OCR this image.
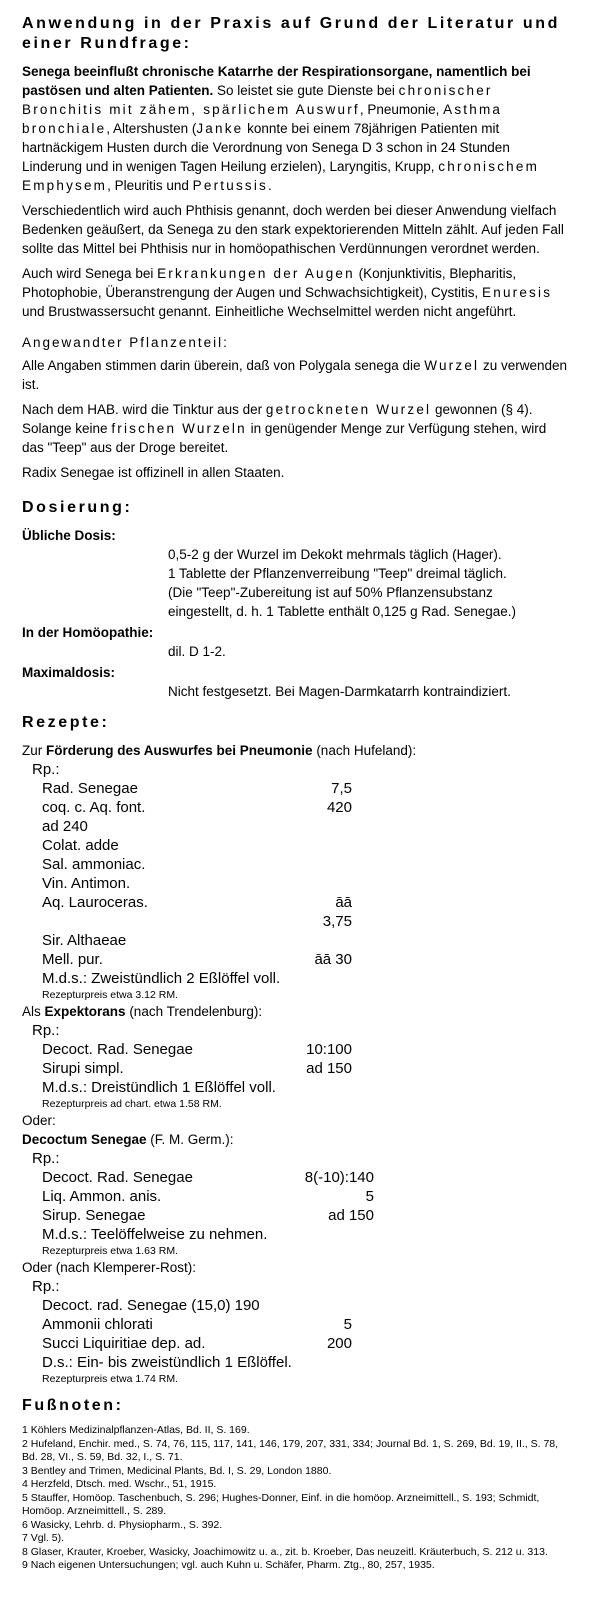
Anwendung in der Praxis auf Grund der Literatur und einer Rundfrage:

Senega beeinflußt chronische Katarrhe der Respirationsorgane, namentlich bei pastösen und alten Patienten. So leistet sie gute Dienste bei chronischer Bronchitis mit zähem, spärlichem Auswurf, Pneumonie, Asthma bronchiale, Altershusten (Janke konnte bei einem 78jährigen Patienten mit hartnäckigem Husten durch die Verordnung von Senega D 3 schon in 24 Stunden Linderung und in wenigen Tagen Heilung erzielen), Laryngitis, Krupp, chronischem Emphysem, Pleuritis und Pertussis.

Verschiedentlich wird auch Phthisis genannt, doch werden bei dieser Anwendung vielfach Bedenken geäußert, da Senega zu den stark expektorierenden Mitteln zählt. Auf jeden Fall sollte das Mittel bei Phthisis nur in homöopathischen Verdünnungen verordnet werden.

Auch wird Senega bei Erkrankungen der Augen (Konjunktivitis, Blepharitis, Photophobie, Überanstrengung der Augen und Schwachsichtigkeit), Cystitis, Enuresis und Brustwassersucht genannt. Einheitliche Wechselmittel werden nicht angeführt.

Angewandter Pflanzenteil:

Alle Angaben stimmen darin überein, daß von Polygala senega die Wurzel zu verwenden ist.

Nach dem HAB. wird die Tinktur aus der getrockneten Wurzel gewonnen (§ 4). Solange keine frischen Wurzeln in genügender Menge zur Verfügung stehen, wird das "Teep" aus der Droge bereitet.

Radix Senegae ist offizinell in allen Staaten.

Dosierung:
Übliche Dosis:
0,5-2 g der Wurzel im Dekokt mehrmals täglich (Hager).
1 Tablette der Pflanzenverreibung "Teep" dreimal täglich.
(Die "Teep"-Zubereitung ist auf 50% Pflanzensubstanz
eingestellt, d. h. 1 Tablette enthält 0,125 g Rad. Senegae.)
In der Homöopathie:
dil. D 1-2.
Maximaldosis:
Nicht festgesetzt. Bei Magen-Darmkatarrh kontraindiziert.
Rezepte:
Zur Förderung des Auswurfes bei Pneumonie (nach Hufeland):
Rp.:
Rad. Senegae	7,5
coq. c. Aq. font.	420
ad 240
Colat. adde
Sal. ammoniac.
Vin. Antimon.
Aq. Lauroceras.	āā
3,75
Sir. Althaeae
Mell. pur.	āā 30
M.d.s.: Zweistündlich 2 Eßlöffel voll.
Rezepturpreis etwa 3.12 RM.
Als Expektorans (nach Trendelenburg):
Rp.:
Decoct. Rad. Senegae	10:100
Sirupi simpl.	ad 150
M.d.s.: Dreistündlich 1 Eßlöffel voll.
Rezepturpreis ad chart. etwa 1.58 RM.
Oder:
Decoctum Senegae (F. M. Germ.):
Rp.:
Decoct. Rad. Senegae	8(-10):140
Liq. Ammon. anis.	5
Sirup. Senegae	ad 150
M.d.s.: Teelöffelweise zu nehmen.
Rezepturpreis etwa 1.63 RM.
Oder (nach Klemperer-Rost):
Rp.:
Decoct. rad. Senegae (15,0) 190
Ammonii chlorati	5
Succi Liquiritiae dep. ad.	200
D.s.: Ein- bis zweistündlich 1 Eßlöffel.
Rezepturpreis etwa 1.74 RM.
Fußnoten:

1 Köhlers Medizinalpflanzen-Atlas, Bd. II, S. 169.

2 Hufeland, Enchir. med., S. 74, 76, 115, 117, 141, 146, 179, 207, 331, 334; Journal Bd. 1, S. 269, Bd. 19, II., S. 78, Bd. 28, VI., S. 59, Bd. 32, I., S. 71.

3 Bentley and Trimen, Medicinal Plants, Bd. I, S. 29, London 1880.

4 Herzfeld, Dtsch. med. Wschr., 51, 1915.

5 Stauffer, Homöop. Taschenbuch, S. 296; Hughes-Donner, Einf. in die homöop. Arzneimittell., S. 193; Schmidt, Homöop. Arzneimittell., S. 289.

6 Wasicky, Lehrb. d. Physiopharm., S. 392.

7 Vgl. 5).

8 Glaser, Krauter, Kroeber, Wasicky, Joachimowitz u. a., zit. b. Kroeber, Das neuzeitl. Kräuterbuch, S. 212 u. 313.

9 Nach eigenen Untersuchungen; vgl. auch Kuhn u. Schäfer, Pharm. Ztg., 80, 257, 1935.
